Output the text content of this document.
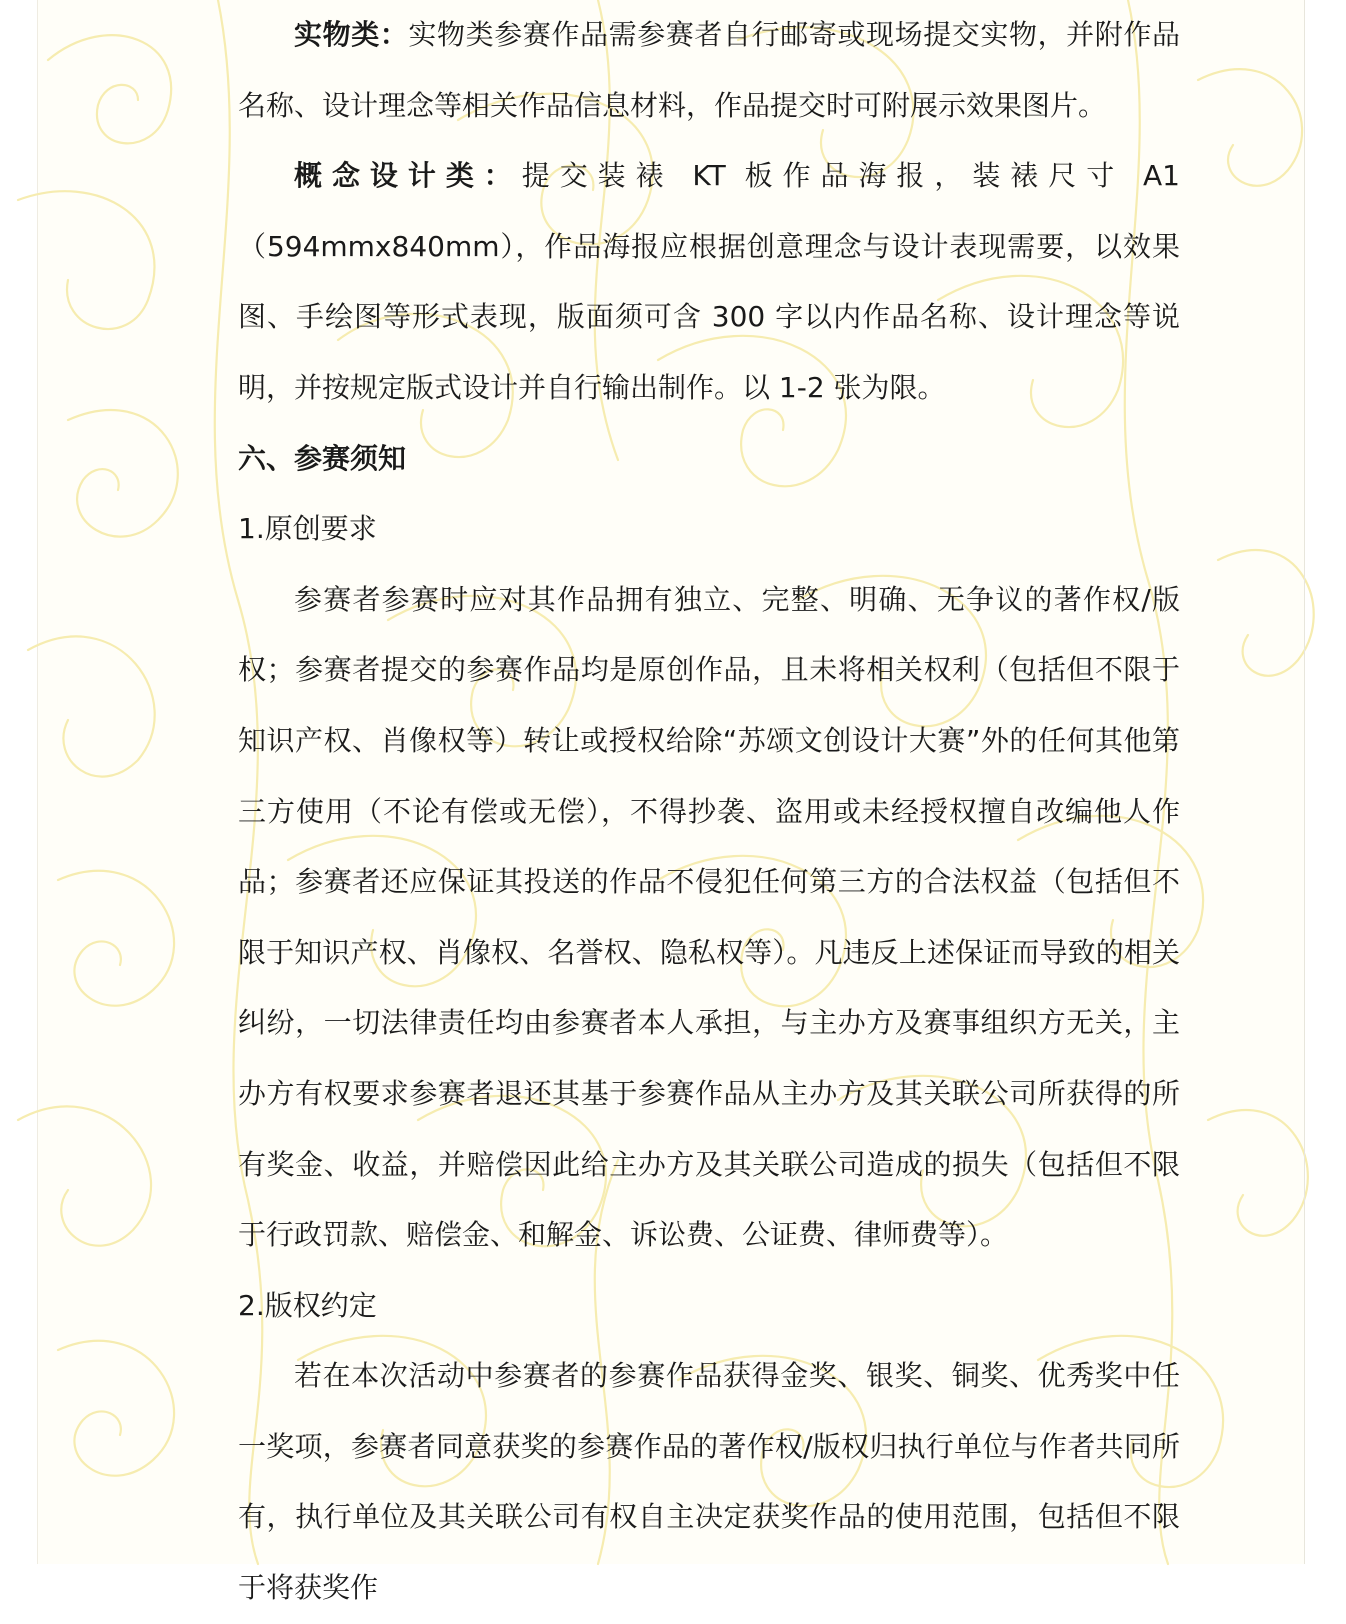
实物类：实物类参赛作品需参赛者自行邮寄或现场提交实物，并附作品名称、设计理念等相关作品信息材料，作品提交时可附展示效果图片。

概念设计类：提交装裱 KT 板作品海报，装裱尺寸 A1（594mmx840mm），作品海报应根据创意理念与设计表现需要，以效果图、手绘图等形式表现，版面须可含 300 字以内作品名称、设计理念等说明，并按规定版式设计并自行输出制作。以 1-2 张为限。

六、参赛须知

1.原创要求

参赛者参赛时应对其作品拥有独立、完整、明确、无争议的著作权/版权；参赛者提交的参赛作品均是原创作品，且未将相关权利（包括但不限于知识产权、肖像权等）转让或授权给除“苏颂文创设计大赛”外的任何其他第三方使用（不论有偿或无偿），不得抄袭、盗用或未经授权擅自改编他人作品；参赛者还应保证其投送的作品不侵犯任何第三方的合法权益（包括但不限于知识产权、肖像权、名誉权、隐私权等）。凡违反上述保证而导致的相关纠纷，一切法律责任均由参赛者本人承担，与主办方及赛事组织方无关，主办方有权要求参赛者退还其基于参赛作品从主办方及其关联公司所获得的所有奖金、收益，并赔偿因此给主办方及其关联公司造成的损失（包括但不限于行政罚款、赔偿金、和解金、诉讼费、公证费、律师费等）。

2.版权约定

若在本次活动中参赛者的参赛作品获得金奖、银奖、铜奖、优秀奖中任一奖项，参赛者同意获奖的参赛作品的著作权/版权归执行单位与作者共同所有，执行单位及其关联公司有权自主决定获奖作品的使用范围，包括但不限于将获奖作
